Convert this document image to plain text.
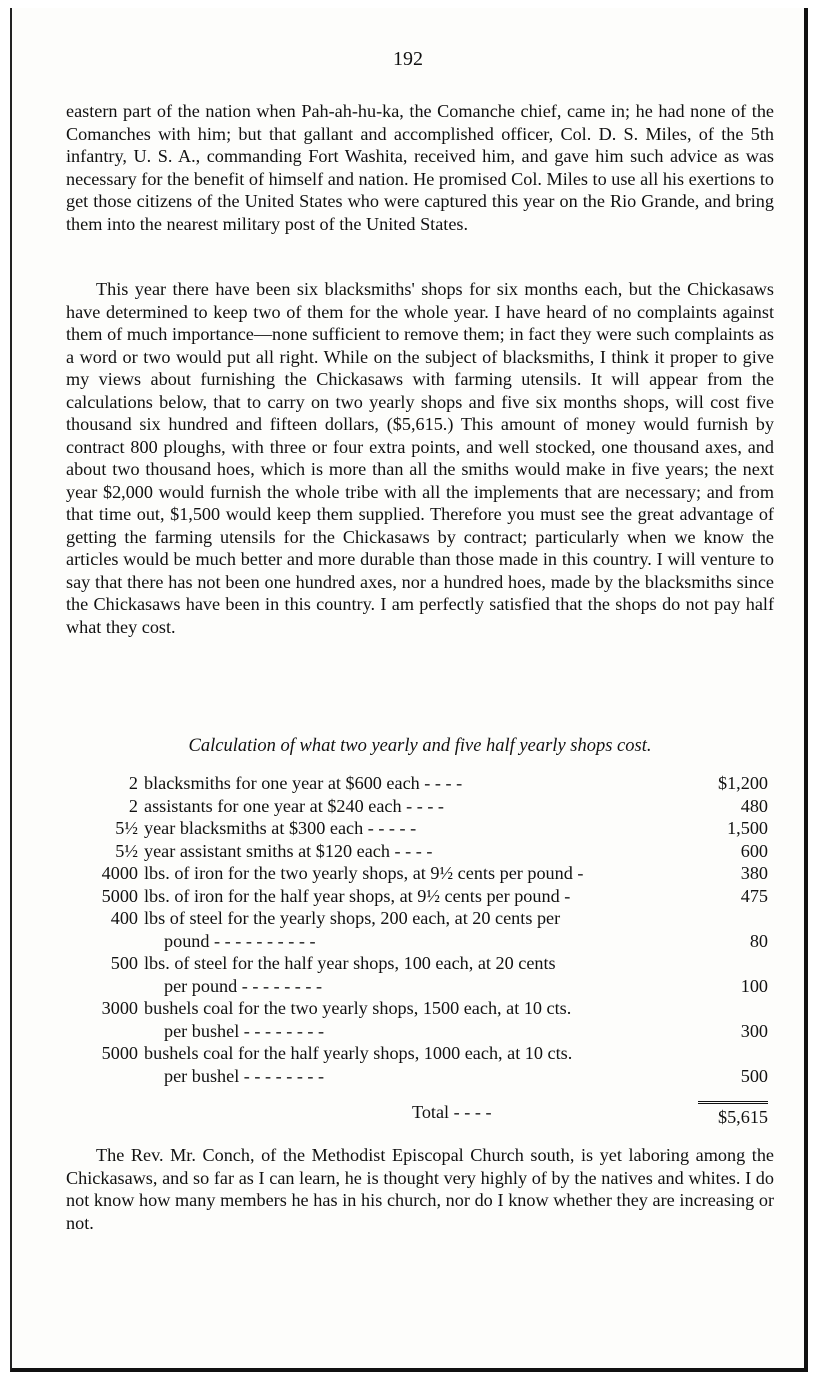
192

eastern part of the nation when Pah-ah-hu-ka, the Comanche chief, came in; he had none of the Comanches with him; but that gallant and accomplished officer, Col. D. S. Miles, of the 5th infantry, U. S. A., commanding Fort Washita, received him, and gave him such advice as was necessary for the benefit of himself and nation. He promised Col. Miles to use all his exertions to get those citizens of the United States who were captured this year on the Rio Grande, and bring them into the nearest military post of the United States.

This year there have been six blacksmiths' shops for six months each, but the Chickasaws have determined to keep two of them for the whole year. I have heard of no complaints against them of much importance—none sufficient to remove them; in fact they were such complaints as a word or two would put all right. While on the subject of blacksmiths, I think it proper to give my views about furnishing the Chickasaws with farming utensils. It will appear from the calculations below, that to carry on two yearly shops and five six months shops, will cost five thousand six hundred and fifteen dollars, ($5,615.) This amount of money would furnish by contract 800 ploughs, with three or four extra points, and well stocked, one thousand axes, and about two thousand hoes, which is more than all the smiths would make in five years; the next year $2,000 would furnish the whole tribe with all the implements that are necessary; and from that time out, $1,500 would keep them supplied. Therefore you must see the great advantage of getting the farming utensils for the Chickasaws by contract; particularly when we know the articles would be much better and more durable than those made in this country. I will venture to say that there has not been one hundred axes, nor a hundred hoes, made by the blacksmiths since the Chickasaws have been in this country. I am perfectly satisfied that the shops do not pay half what they cost.

Calculation of what two yearly and five half yearly shops cost.
2 blacksmiths for one year at $600 each - - - -	$1,200
2 assistants for one year at $240 each - - - -	480
5½ year blacksmiths at $300 each - - - - -	1,500
5½ year assistant smiths at $120 each - - - -	600
4000 lbs. of iron for the two yearly shops, at 9½ cents per pound -	380
5000 lbs. of iron for the half year shops, at 9½ cents per pound -	475
400 lbs of steel for the yearly shops, 200 each, at 20 cents per
pound - - - - - - - - - -	80
500 lbs. of steel for the half year shops, 100 each, at 20 cents
per pound - - - - - - - -	100
3000 bushels coal for the two yearly shops, 1500 each, at 10 cts.
per bushel - - - - - - - -	300
5000 bushels coal for the half yearly shops, 1000 each, at 10 cts.
per bushel - - - - - - - -	500
Total - - - -	$5,615

The Rev. Mr. Conch, of the Methodist Episcopal Church south, is yet laboring among the Chickasaws, and so far as I can learn, he is thought very highly of by the natives and whites. I do not know how many members he has in his church, nor do I know whether they are increasing or not.
